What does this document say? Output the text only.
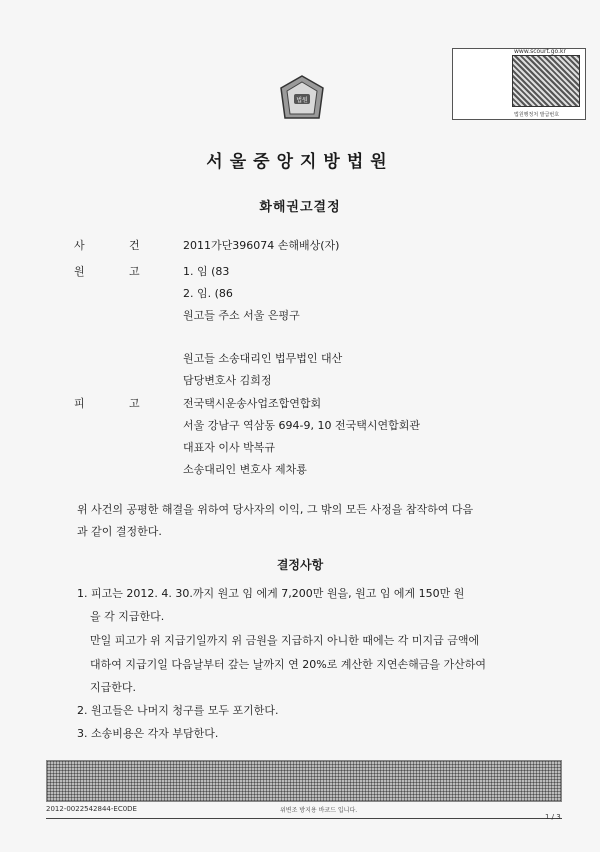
법원
www.scourt.go.kr
법원행정처 발급번호
서울중앙지방법원
화해권고결정
사	건	2011가단396074 손해배상(자)
원	고	1. 임 (83
2. 임. (86
원고들 주소 서울 은평구
원고들 소송대리인 법무법인 대산
담당변호사 김희정
피	고	전국택시운송사업조합연합회
서울 강남구 역삼동 694-9, 10 전국택시연합회관
대표자 이사 박복규
소송대리인 변호사 제차룡
위 사건의 공평한 해결을 위하여 당사자의 이익, 그 밖의 모든 사정을 참작하여 다음
과 같이 결정한다.
결정사항
1. 피고는 2012. 4. 30.까지 원고 임 에게 7,200만 원을, 원고 임 에게 150만 원
을 각 지급한다.
만일 피고가 위 지급기일까지 위 금원을 지급하지 아니한 때에는 각 미지급 금액에
대하여 지급기일 다음날부터 갚는 날까지 연 20%로 계산한 지연손해금을 가산하여
지급한다.
2. 원고들은 나머지 청구를 모두 포기한다.
3. 소송비용은 각자 부담한다.
2012-0022542844-EC0DE	위변조 방지용 바코드 입니다.
1 / 3
